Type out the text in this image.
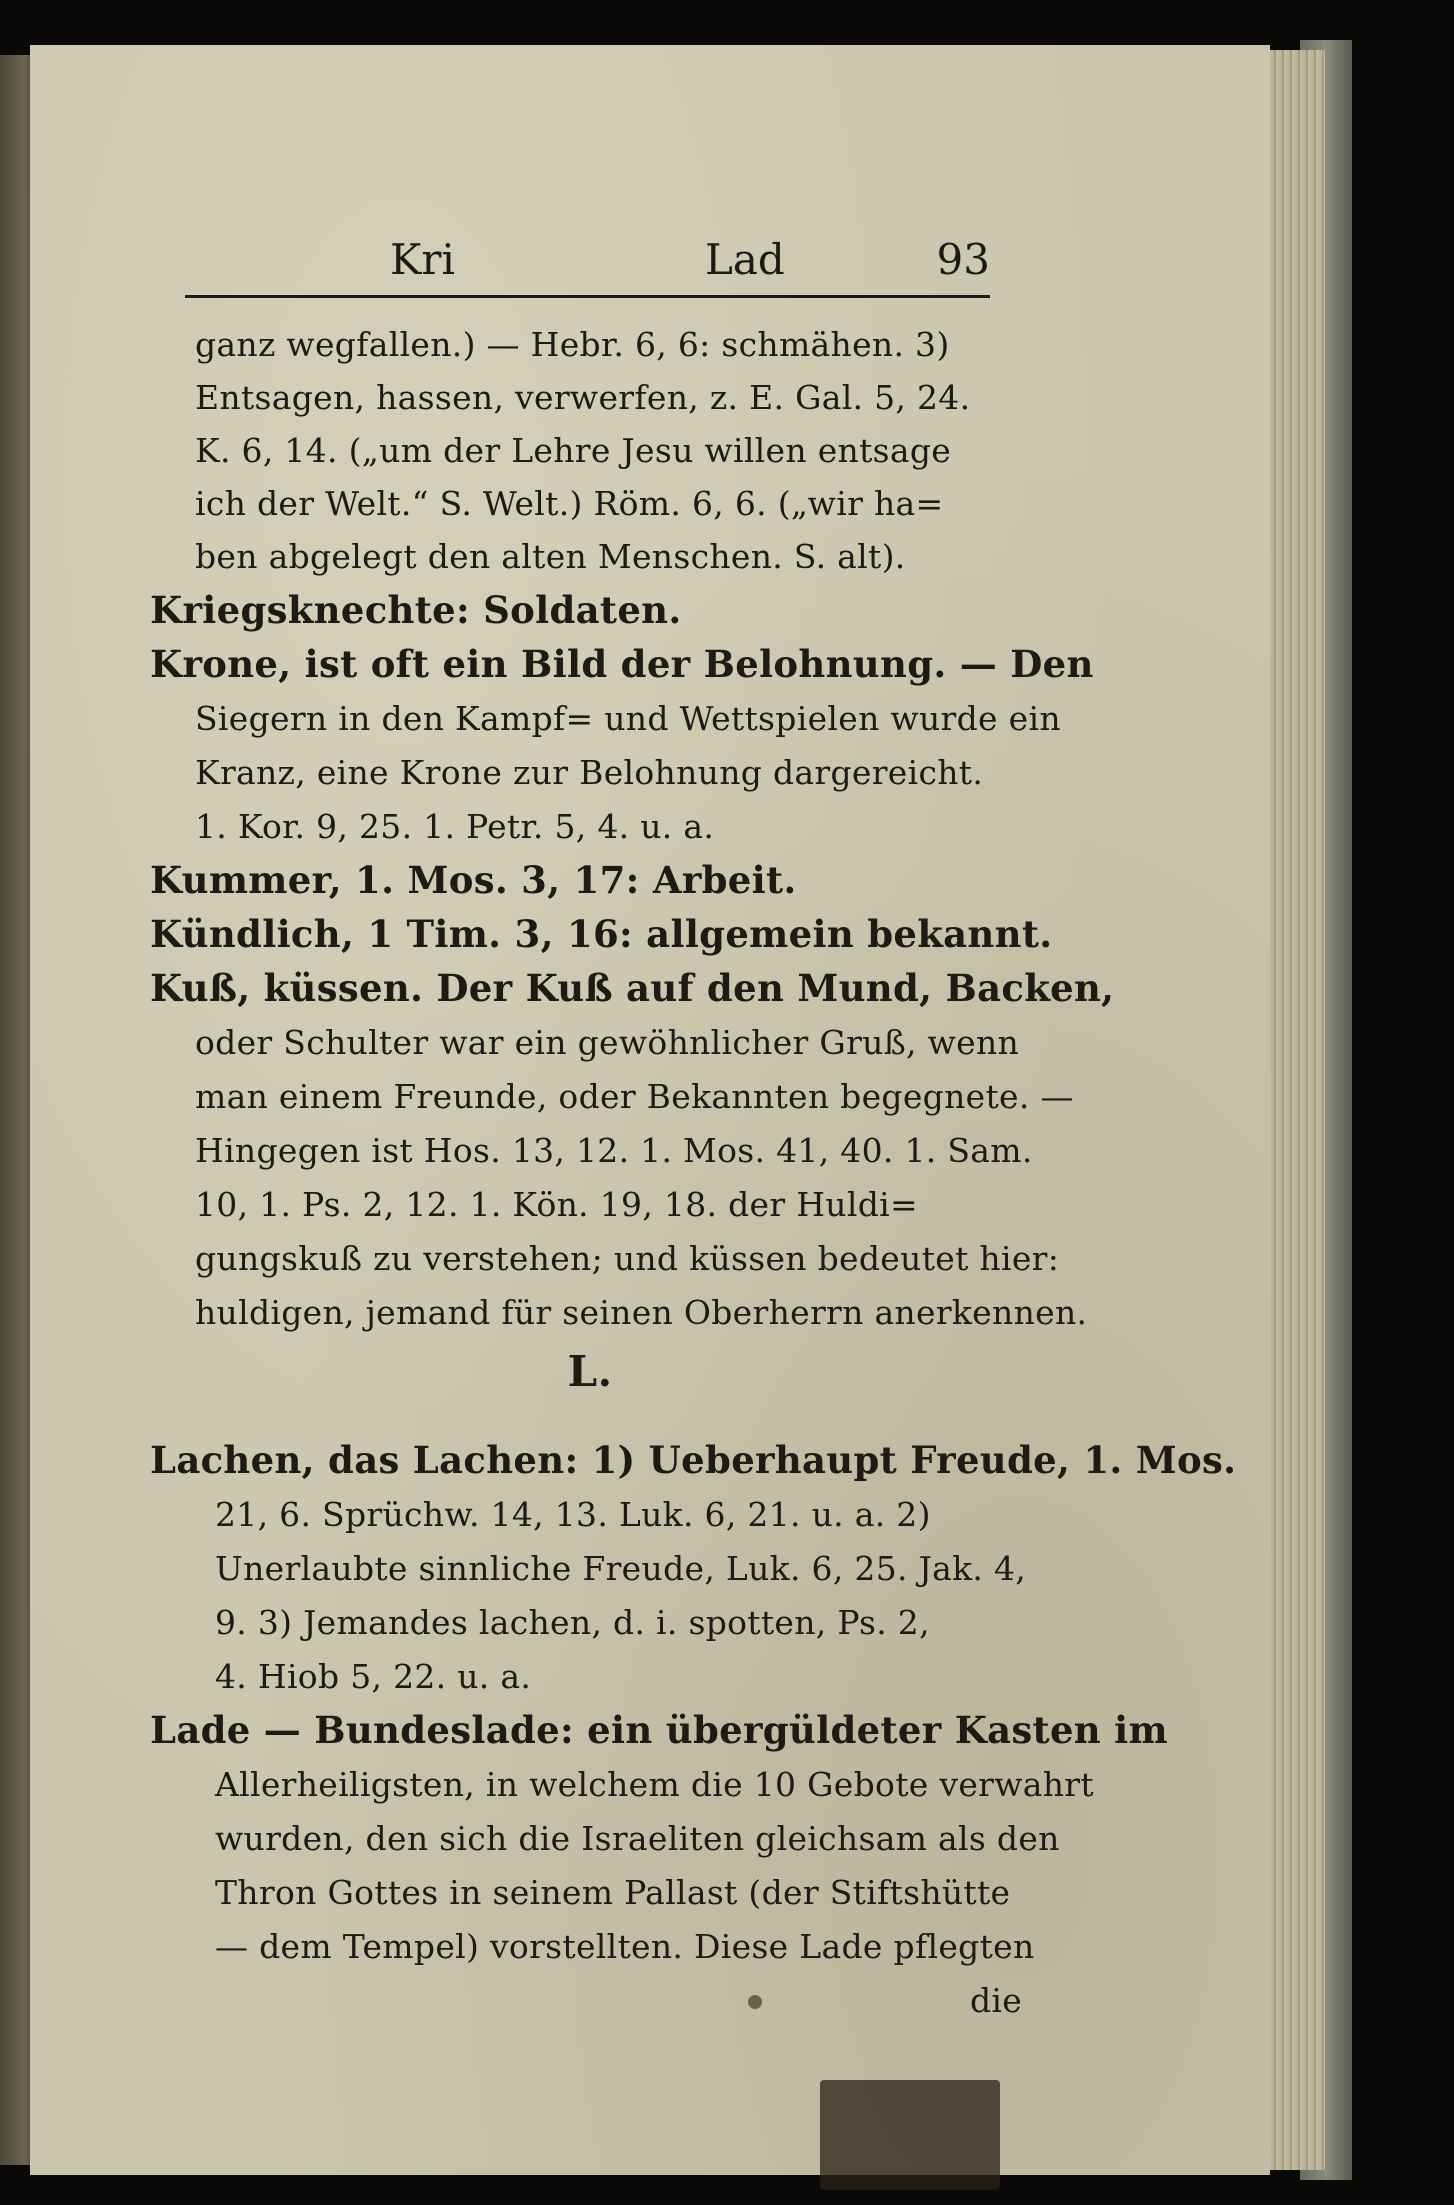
Kri	Lad	93
ganz wegfallen.) — Hebr. 6, 6: schmähen. 3)
Entsagen, hassen, verwerfen, z. E. Gal. 5, 24.
K. 6, 14. („um der Lehre Jesu willen entsage
ich der Welt.“ S. Welt.) Röm. 6, 6. („wir ha=
ben abgelegt den alten Menschen. S. alt).
Kriegsknechte: Soldaten.
Krone, ist oft ein Bild der Belohnung. — Den
Siegern in den Kampf= und Wettspielen wurde ein
Kranz, eine Krone zur Belohnung dargereicht.
1. Kor. 9, 25. 1. Petr. 5, 4. u. a.
Kummer, 1. Mos. 3, 17: Arbeit.
Kündlich, 1 Tim. 3, 16: allgemein bekannt.
Kuß, küssen. Der Kuß auf den Mund, Backen,
oder Schulter war ein gewöhnlicher Gruß, wenn
man einem Freunde, oder Bekannten begegnete. —
Hingegen ist Hos. 13, 12. 1. Mos. 41, 40. 1. Sam.
10, 1. Ps. 2, 12. 1. Kön. 19, 18. der Huldi=
gungskuß zu verstehen; und küssen bedeutet hier:
huldigen, jemand für seinen Oberherrn anerkennen.
L.
Lachen, das Lachen: 1) Ueberhaupt Freude, 1. Mos.
21, 6. Sprüchw. 14, 13. Luk. 6, 21. u. a. 2)
Unerlaubte sinnliche Freude, Luk. 6, 25. Jak. 4,
9. 3) Jemandes lachen, d. i. spotten, Ps. 2,
4. Hiob 5, 22. u. a.
Lade — Bundeslade: ein übergüldeter Kasten im
Allerheiligsten, in welchem die 10 Gebote verwahrt
wurden, den sich die Israeliten gleichsam als den
Thron Gottes in seinem Pallast (der Stiftshütte
— dem Tempel) vorstellten. Diese Lade pflegten
die
